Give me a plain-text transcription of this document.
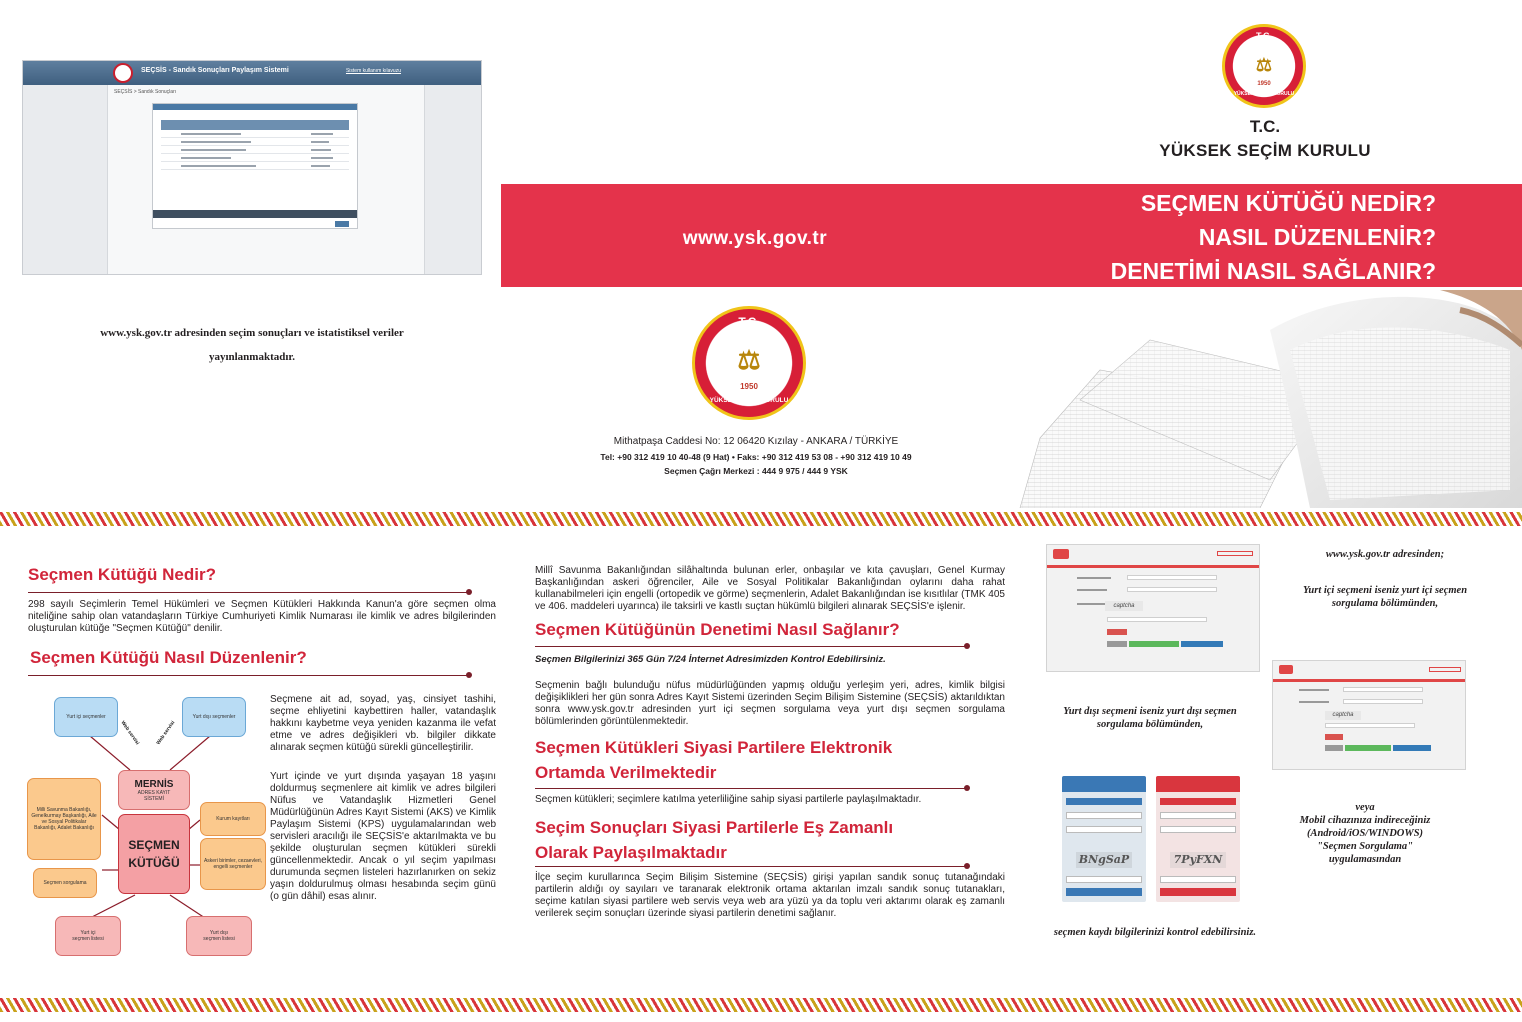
SEÇSİS - Sandık Sonuçları Paylaşım Sistemi	Sistem kullanım kılavuzu
SEÇSİS > Sandık Sonuçları
www.ysk.gov.tr adresinden seçim sonuçları ve istatistiksel veriler
yayınlanmaktadır.
T.C.
⚖
1950
YÜKSEK SEÇİM KURULU
T.C.
YÜKSEK SEÇİM KURULU
www.ysk.gov.tr
SEÇMEN KÜTÜĞÜ NEDİR?
NASIL DÜZENLENİR?
DENETİMİ NASIL SAĞLANIR?
T.C.
⚖
1950
YÜKSEK SEÇİM KURULU
Mithatpaşa Caddesi No: 12 06420 Kızılay - ANKARA / TÜRKİYE
Tel: +90 312 419 10 40-48 (9 Hat) • Faks: +90 312 419 53 08 - +90 312 419 10 49
Seçmen Çağrı Merkezi : 444 9 975 / 444 9 YSK
Seçmen Kütüğü Nedir?
298 sayılı Seçimlerin Temel Hükümleri ve Seçmen Kütükleri Hakkında Kanun'a göre seçmen olma niteliğine sahip olan vatandaşların Türkiye Cumhuriyeti Kimlik Numarası ile kimlik ve adres bilgilerinden oluşturulan kütüğe "Seçmen Kütüğü" denilir.
Seçmen Kütüğü Nasıl Düzenlenir?
Seçmene ait ad, soyad, yaş, cinsiyet tashihi, seçme ehliyetini kaybettiren haller, vatandaşlık hakkını kaybetme veya yeniden kazanma ile vefat etme ve adres değişikleri vb. bilgiler dikkate alınarak seçmen kütüğü sürekli güncelleştirilir.
Yurt içinde ve yurt dışında yaşayan 18 yaşını doldurmuş seçmenlere ait kimlik ve adres bilgileri Nüfus ve Vatandaşlık Hizmetleri Genel Müdürlüğünün Adres Kayıt Sistemi (AKS) ve Kimlik Paylaşım Sistemi (KPS) uygulamalarından web servisleri aracılığı ile SEÇSİS'e aktarılmakta ve bu şekilde oluşturulan seçmen kütükleri sürekli güncellenmektedir. Ancak o yıl seçim yapılması durumunda seçmen listeleri hazırlanırken on sekiz yaşın doldurulmuş olması hesabında seçim günü (o gün dâhil) esas alınır.
Yurt içi seçmenler	Yurt dışı seçmenler
Web servisi	Web servisi
MERNİS
ADRES KAYIT
SİSTEMİ
Milli Savunma Bakanlığı, Genelkurmay Başkanlığı, Aile ve Sosyal Politikalar Bakanlığı, Adalet Bakanlığı
Seçmen sorgulama
SEÇMEN
KÜTÜĞÜ
Kurum kayıtları
Askeri birimler, cezaevleri, engelli seçmenler
Yurt içi
seçmen listesi
Yurt dışı
seçmen listesi
Millî Savunma Bakanlığından silâhaltında bulunan erler, onbaşılar ve kıta çavuşları, Genel Kurmay Başkanlığından askeri öğrenciler, Aile ve Sosyal Politikalar Bakanlığından oylarını daha rahat kullanabilmeleri için engelli (ortopedik ve görme) seçmenlerin, Adalet Bakanlığından ise kısıtlılar (TMK 405 ve 406. maddeleri uyarınca) ile taksirli ve kastlı suçtan hükümlü bilgileri alınarak SEÇSİS'e işlenir.
Seçmen Kütüğünün Denetimi Nasıl Sağlanır?
Seçmen Bilgilerinizi 365 Gün 7/24 İnternet Adresimizden Kontrol Edebilirsiniz.
Seçmenin bağlı bulunduğu nüfus müdürlüğünden yapmış olduğu yerleşim yeri, adres, kimlik bilgisi değişiklikleri her gün sonra Adres Kayıt Sistemi üzerinden Seçim Bilişim Sistemine (SEÇSİS) aktarıldıktan sonra www.ysk.gov.tr adresinden yurt içi seçmen sorgulama veya yurt dışı seçmen sorgulama bölümlerinden görüntülenmektedir.
Seçmen Kütükleri Siyasi Partilere Elektronik
Ortamda Verilmektedir
Seçmen kütükleri; seçimlere katılma yeterliliğine sahip siyasi partilerle paylaşılmaktadır.
Seçim Sonuçları Siyasi Partilerle Eş Zamanlı
Olarak Paylaşılmaktadır
İlçe seçim kurullarınca Seçim Bilişim Sistemine (SEÇSİS) girişi yapılan sandık sonuç tutanağındaki partilerin aldığı oy sayıları ve taranarak elektronik ortama aktarılan imzalı sandık sonuç tutanakları, seçime katılan siyasi partilere web servis veya web ara yüzü ya da toplu veri aktarımı olarak eş zamanlı verilerek seçim sonuçları üzerinde siyasi partilerin denetimi sağlanır.
captcha
www.ysk.gov.tr adresinden;
Yurt içi seçmeni iseniz yurt içi seçmen
sorgulama bölümünden,
captcha
Yurt dışı seçmeni iseniz yurt dışı seçmen
sorgulama bölümünden,
BNgSaP	7PyFXN
veya
Mobil cihazınıza indireceğiniz
(Android/iOS/WINDOWS)
"Seçmen Sorgulama"
uygulamasından
seçmen kaydı bilgilerinizi kontrol edebilirsiniz.
